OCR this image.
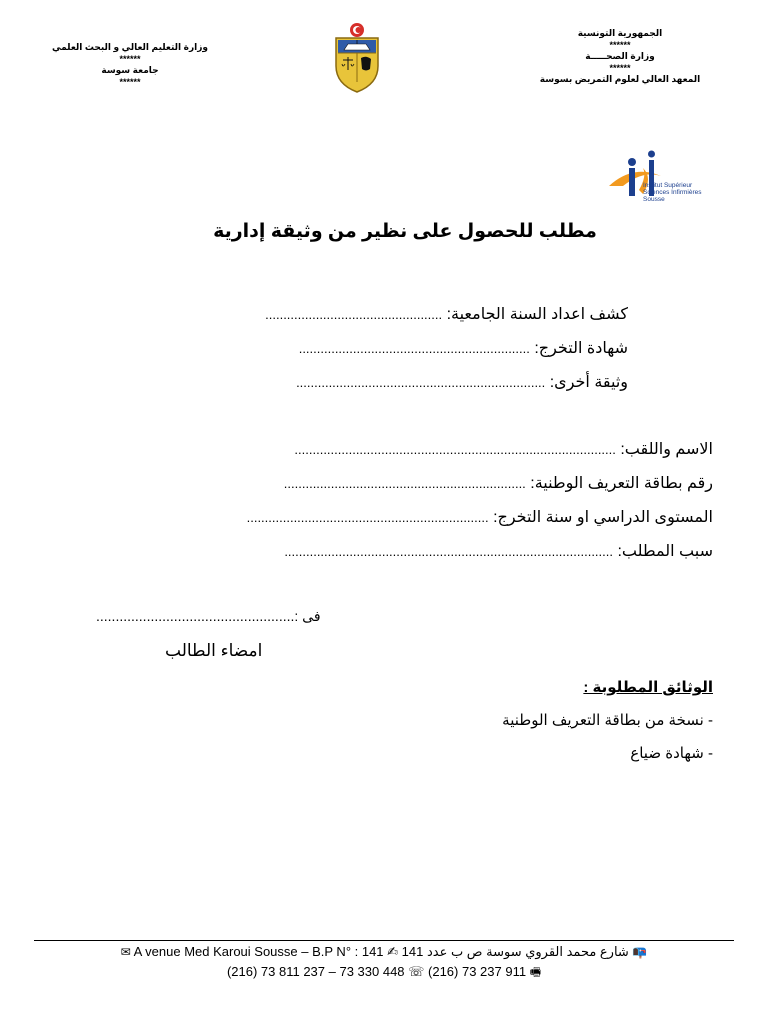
الجمهورية التونسية
******
وزارة الصحـــــة
******
المعهد العالي لعلوم التمريض بسوسة
وزارة التعليم العالي و البحث العلمي
******
جامعة سوسة
******
Institut Supérieur
Sciences Infirmières
Sousse
مطلب للحصول على نظير من وثيقة إدارية
كشف اعداد السنة الجامعية: .................................................
شهادة التخرج: ................................................................
وثيقة أخرى: .....................................................................
الاسم واللقب: .........................................................................................
رقم بطاقة التعريف الوطنية: ...................................................................
المستوى الدراسي او سنة التخرج: ...................................................................
سبب المطلب: ...........................................................................................
فى :...................................................
امضاء الطالب
الوثائق المطلوبة :
- نسخة من بطاقة التعريف الوطنية
- شهادة ضياع
✉ A venue Med Karoui Sousse – B.P N° : 141 ✍ 141 شارع محمد القروي سوسة ص ب عدد 📭
(216) 73 811 237 – 73 330 448 ☏ (216) 73 237 911 🖷
